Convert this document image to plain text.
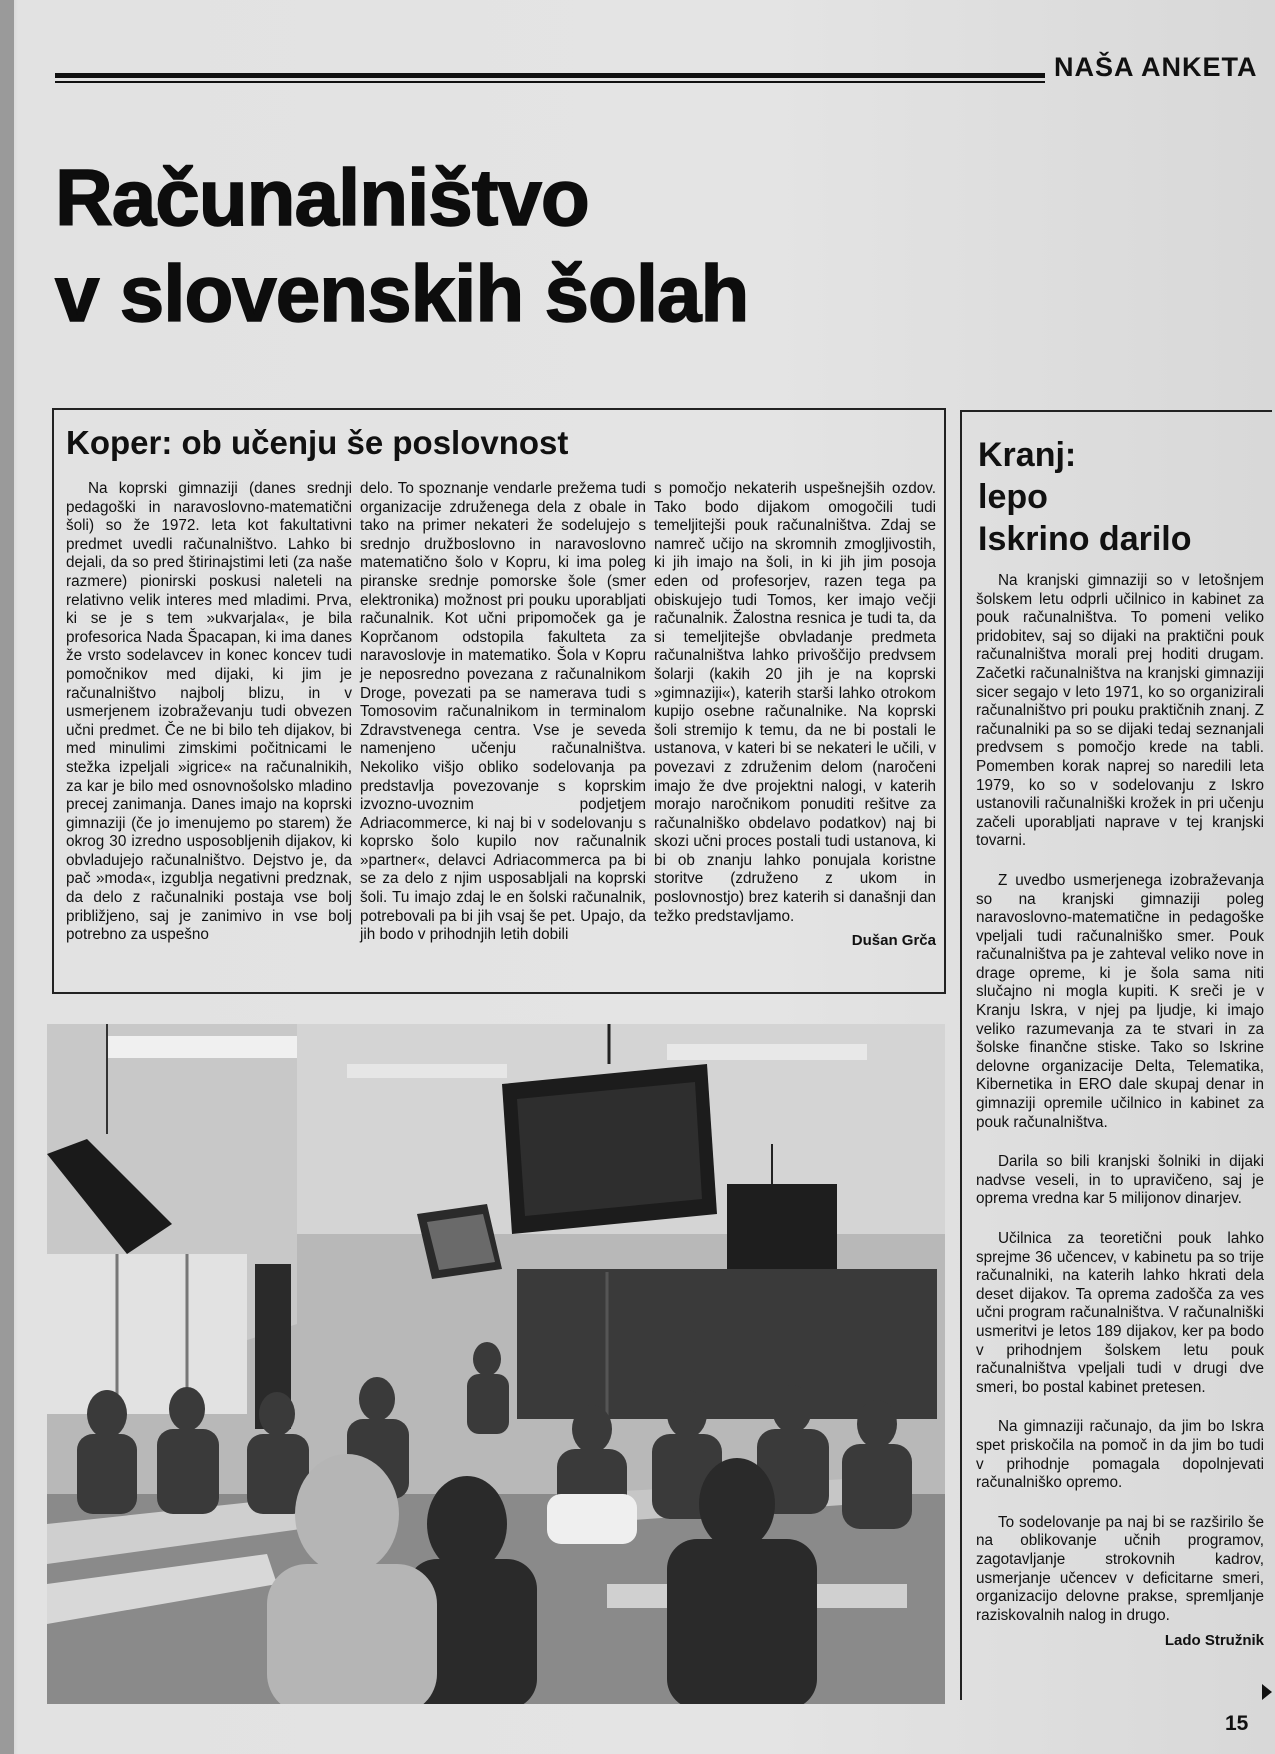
NAŠA ANKETA
Računalništvo
v slovenskih šolah
Koper: ob učenju še poslovnost

Na koprski gimnaziji (danes srednji pedagoški in naravoslovno-matematični šoli) so že 1972. leta kot fakultativni predmet uvedli računalništvo. Lahko bi dejali, da so pred štirinajstimi leti (za naše razmere) pionirski poskusi naleteli na relativno velik interes med mladimi. Prva, ki se je s tem »ukvarjala«, je bila profesorica Nada Špacapan, ki ima danes že vrsto sodelavcev in konec koncev tudi pomočnikov med dijaki, ki jim je računalništvo najbolj blizu, in v usmerjenem izobraževanju tudi obvezen učni predmet. Če ne bi bilo teh dijakov, bi med minulimi zimskimi počitnicami le stežka izpeljali »igrice« na računalnikih, za kar je bilo med osnovnošolsko mladino precej zanimanja. Danes imajo na koprski gimnaziji (če jo imenujemo po starem) že okrog 30 izredno usposobljenih dijakov, ki obvladujejo računalništvo. Dejstvo je, da pač »moda«, izgublja negativni predznak, da delo z računalniki postaja vse bolj približjeno, saj je zanimivo in vse bolj potrebno za uspešno

delo. To spoznanje vendarle prežema tudi organizacije združenega dela z obale in tako na primer nekateri že sodelujejo s srednjo družboslovno in naravoslovno matematično šolo v Kopru, ki ima poleg piranske srednje pomorske šole (smer elektronika) možnost pri pouku uporabljati računalnik. Kot učni pripomoček ga je Koprčanom odstopila fakulteta za naravoslovje in matematiko. Šola v Kopru je neposredno povezana z računalnikom Droge, povezati pa se namerava tudi s Tomosovim računalnikom in terminalom Zdravstvenega centra. Vse je seveda namenjeno učenju računalništva. Nekoliko višjo obliko sodelovanja pa predstavlja povezovanje s koprskim izvozno-uvoznim podjetjem Adriacommerce, ki naj bi v sodelovanju s koprsko šolo kupilo nov računalnik »partner«, delavci Adriacommerca pa bi se za delo z njim usposabljali na koprski šoli. Tu imajo zdaj le en šolski računalnik, potrebovali pa bi jih vsaj še pet. Upajo, da jih bodo v prihodnjih letih dobili

s pomočjo nekaterih uspešnejših ozdov. Tako bodo dijakom omogočili tudi temeljitejši pouk računalništva. Zdaj se namreč učijo na skromnih zmogljivostih, ki jih imajo na šoli, in ki jih jim posoja eden od profesorjev, razen tega pa obiskujejo tudi Tomos, ker imajo večji računalnik. Žalostna resnica je tudi ta, da si temeljitejše obvladanje predmeta računalništva lahko privoščijo predvsem šolarji (kakih 20 jih je na koprski »gimnaziji«), katerih starši lahko otrokom kupijo osebne računalnike. Na koprski šoli stremijo k temu, da ne bi postali le ustanova, v kateri bi se nekateri le učili, v povezavi z združenim delom (naročeni imajo že dve projektni nalogi, v katerih morajo naročnikom ponuditi rešitve za računalniško obdelavo podatkov) naj bi skozi učni proces postali tudi ustanova, ki bi ob znanju lahko ponujala koristne storitve (združeno z ukom in poslovnostjo) brez katerih si današnji dan težko predstavljamo.

Dušan Grča

Kranj:
lepo
Iskrino darilo

Na kranjski gimnaziji so v letošnjem šolskem letu odprli učilnico in kabinet za pouk računalništva. To pomeni veliko pridobitev, saj so dijaki na praktični pouk računalništva morali prej hoditi drugam. Začetki računalništva na kranjski gimnaziji sicer segajo v leto 1971, ko so organizirali računalništvo pri pouku praktičnih znanj. Z računalniki pa so se dijaki tedaj seznanjali predvsem s pomočjo krede na tabli. Pomemben korak naprej so naredili leta 1979, ko so v sodelovanju z Iskro ustanovili računalniški krožek in pri učenju začeli uporabljati naprave v tej kranjski tovarni.

Z uvedbo usmerjenega izobraževanja so na kranjski gimnaziji poleg naravoslovno-matematične in pedagoške vpeljali tudi računalniško smer. Pouk računalništva pa je zahteval veliko nove in drage opreme, ki je šola sama niti slučajno ni mogla kupiti. K sreči je v Kranju Iskra, v njej pa ljudje, ki imajo veliko razumevanja za te stvari in za šolske finančne stiske. Tako so Iskrine delovne organizacije Delta, Telematika, Kibernetika in ERO dale skupaj denar in gimnaziji opremile učilnico in kabinet za pouk računalništva.

Darila so bili kranjski šolniki in dijaki nadvse veseli, in to upravičeno, saj je oprema vredna kar 5 milijonov dinarjev.

Učilnica za teoretični pouk lahko sprejme 36 učencev, v kabinetu pa so trije računalniki, na katerih lahko hkrati dela deset dijakov. Ta oprema zadošča za ves učni program računalništva. V računalniški usmeritvi je letos 189 dijakov, ker pa bodo v prihodnjem šolskem letu pouk računalništva vpeljali tudi v drugi dve smeri, bo postal kabinet pretesen.

Na gimnaziji računajo, da jim bo Iskra spet priskočila na pomoč in da jim bo tudi v prihodnje pomagala dopolnjevati računalniško opremo.

To sodelovanje pa naj bi se razširilo še na oblikovanje učnih programov, zagotavljanje strokovnih kadrov, usmerjanje učencev v deficitarne smeri, organizacijo delovne prakse, spremljanje raziskovalnih nalog in drugo.

Lado Stružnik

15
